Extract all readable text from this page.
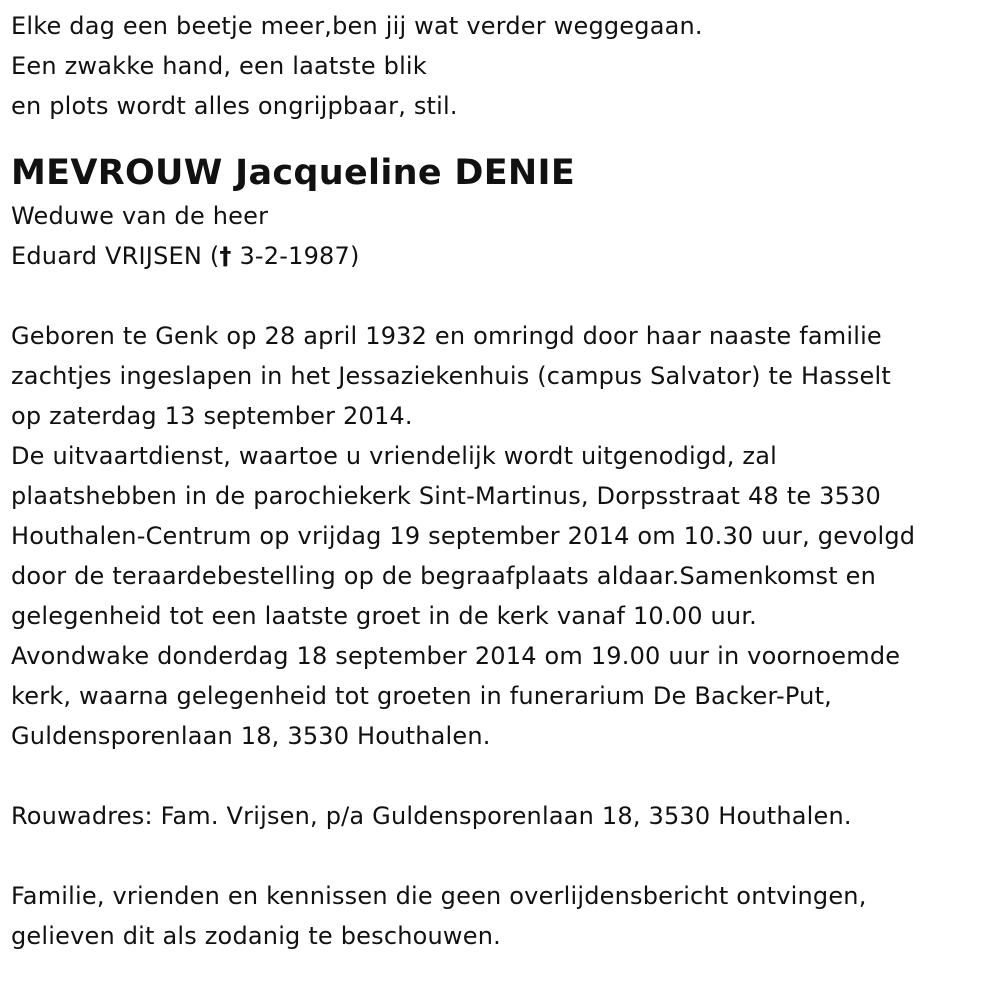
Elke dag een beetje meer,ben jij wat verder weggegaan.
Een zwakke hand, een laatste blik
en plots wordt alles ongrijpbaar, stil.
MEVROUW Jacqueline DENIE
Weduwe van de heer
Eduard VRIJSEN († 3-2-1987)
Geboren te Genk op 28 april 1932 en omringd door haar naaste familie
zachtjes ingeslapen in het Jessaziekenhuis (campus Salvator) te Hasselt
op zaterdag 13 september 2014.
De uitvaartdienst, waartoe u vriendelijk wordt uitgenodigd, zal
plaatshebben in de parochiekerk Sint-Martinus, Dorpsstraat 48 te 3530
Houthalen-Centrum op vrijdag 19 september 2014 om 10.30 uur, gevolgd
door de teraardebestelling op de begraafplaats aldaar.Samenkomst en
gelegenheid tot een laatste groet in de kerk vanaf 10.00 uur.
Avondwake donderdag 18 september 2014 om 19.00 uur in voornoemde
kerk, waarna gelegenheid tot groeten in funerarium De Backer-Put,
Guldensporenlaan 18, 3530 Houthalen.
Rouwadres: Fam. Vrijsen, p/a Guldensporenlaan 18, 3530 Houthalen.
Familie, vrienden en kennissen die geen overlijdensbericht ontvingen,
gelieven dit als zodanig te beschouwen.
